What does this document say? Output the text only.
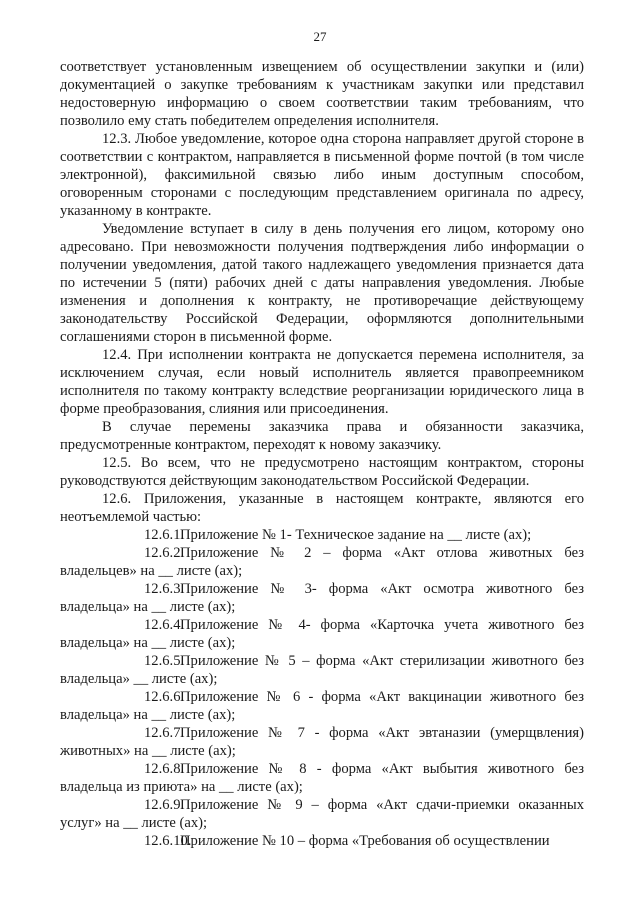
27

соответствует установленным извещением об осуществлении закупки и (или) документацией о закупке требованиям к участникам закупки или представил недостоверную информацию о своем соответствии таким требованиям, что позволило ему стать победителем определения исполнителя.

12.3. Любое уведомление, которое одна сторона направляет другой стороне в соответствии с контрактом, направляется в письменной форме почтой (в том числе электронной), факсимильной связью либо иным доступным способом, оговоренным сторонами с последующим представлением оригинала по адресу, указанному в контракте.

Уведомление вступает в силу в день получения его лицом, которому оно адресовано. При невозможности получения подтверждения либо информации о получении уведомления, датой такого надлежащего уведомления признается дата по истечении 5 (пяти) рабочих дней с даты направления уведомления. Любые изменения и дополнения к контракту, не противоречащие действующему законодательству Российской Федерации, оформляются дополнительными соглашениями сторон в письменной форме.

12.4. При исполнении контракта не допускается перемена исполнителя, за исключением случая, если новый исполнитель является правопреемником исполнителя по такому контракту вследствие реорганизации юридического лица в форме преобразования, слияния или присоединения.

В случае перемены заказчика права и обязанности заказчика, предусмотренные контрактом, переходят к новому заказчику.

12.5. Во всем, что не предусмотрено настоящим контрактом, стороны руководствуются действующим законодательством Российской Федерации.

12.6. Приложения, указанные в настоящем контракте, являются его неотъемлемой частью:

12.6.1.Приложение № 1- Техническое задание на __ листе (ах);

12.6.2.Приложение № 2 – форма «Акт отлова животных без владельцев» на __ листе (ах);

12.6.3.Приложение № 3- форма «Акт осмотра животного без владельца» на __ листе (ах);

12.6.4.Приложение № 4- форма «Карточка учета животного без владельца» на __ листе (ах);

12.6.5.Приложение № 5 – форма «Акт стерилизации животного без владельца» __ листе (ах);

12.6.6.Приложение № 6 - форма «Акт вакцинации животного без владельца» на __ листе (ах);

12.6.7.Приложение № 7 - форма «Акт эвтаназии (умерщвления) животных» на __ листе (ах);

12.6.8.Приложение № 8 - форма «Акт выбытия животного без владельца из приюта» на __ листе (ах);

12.6.9.Приложение № 9 – форма «Акт сдачи-приемки оказанных услуг» на __ листе (ах);

12.6.10.Приложение № 10 – форма «Требования об осуществлении
